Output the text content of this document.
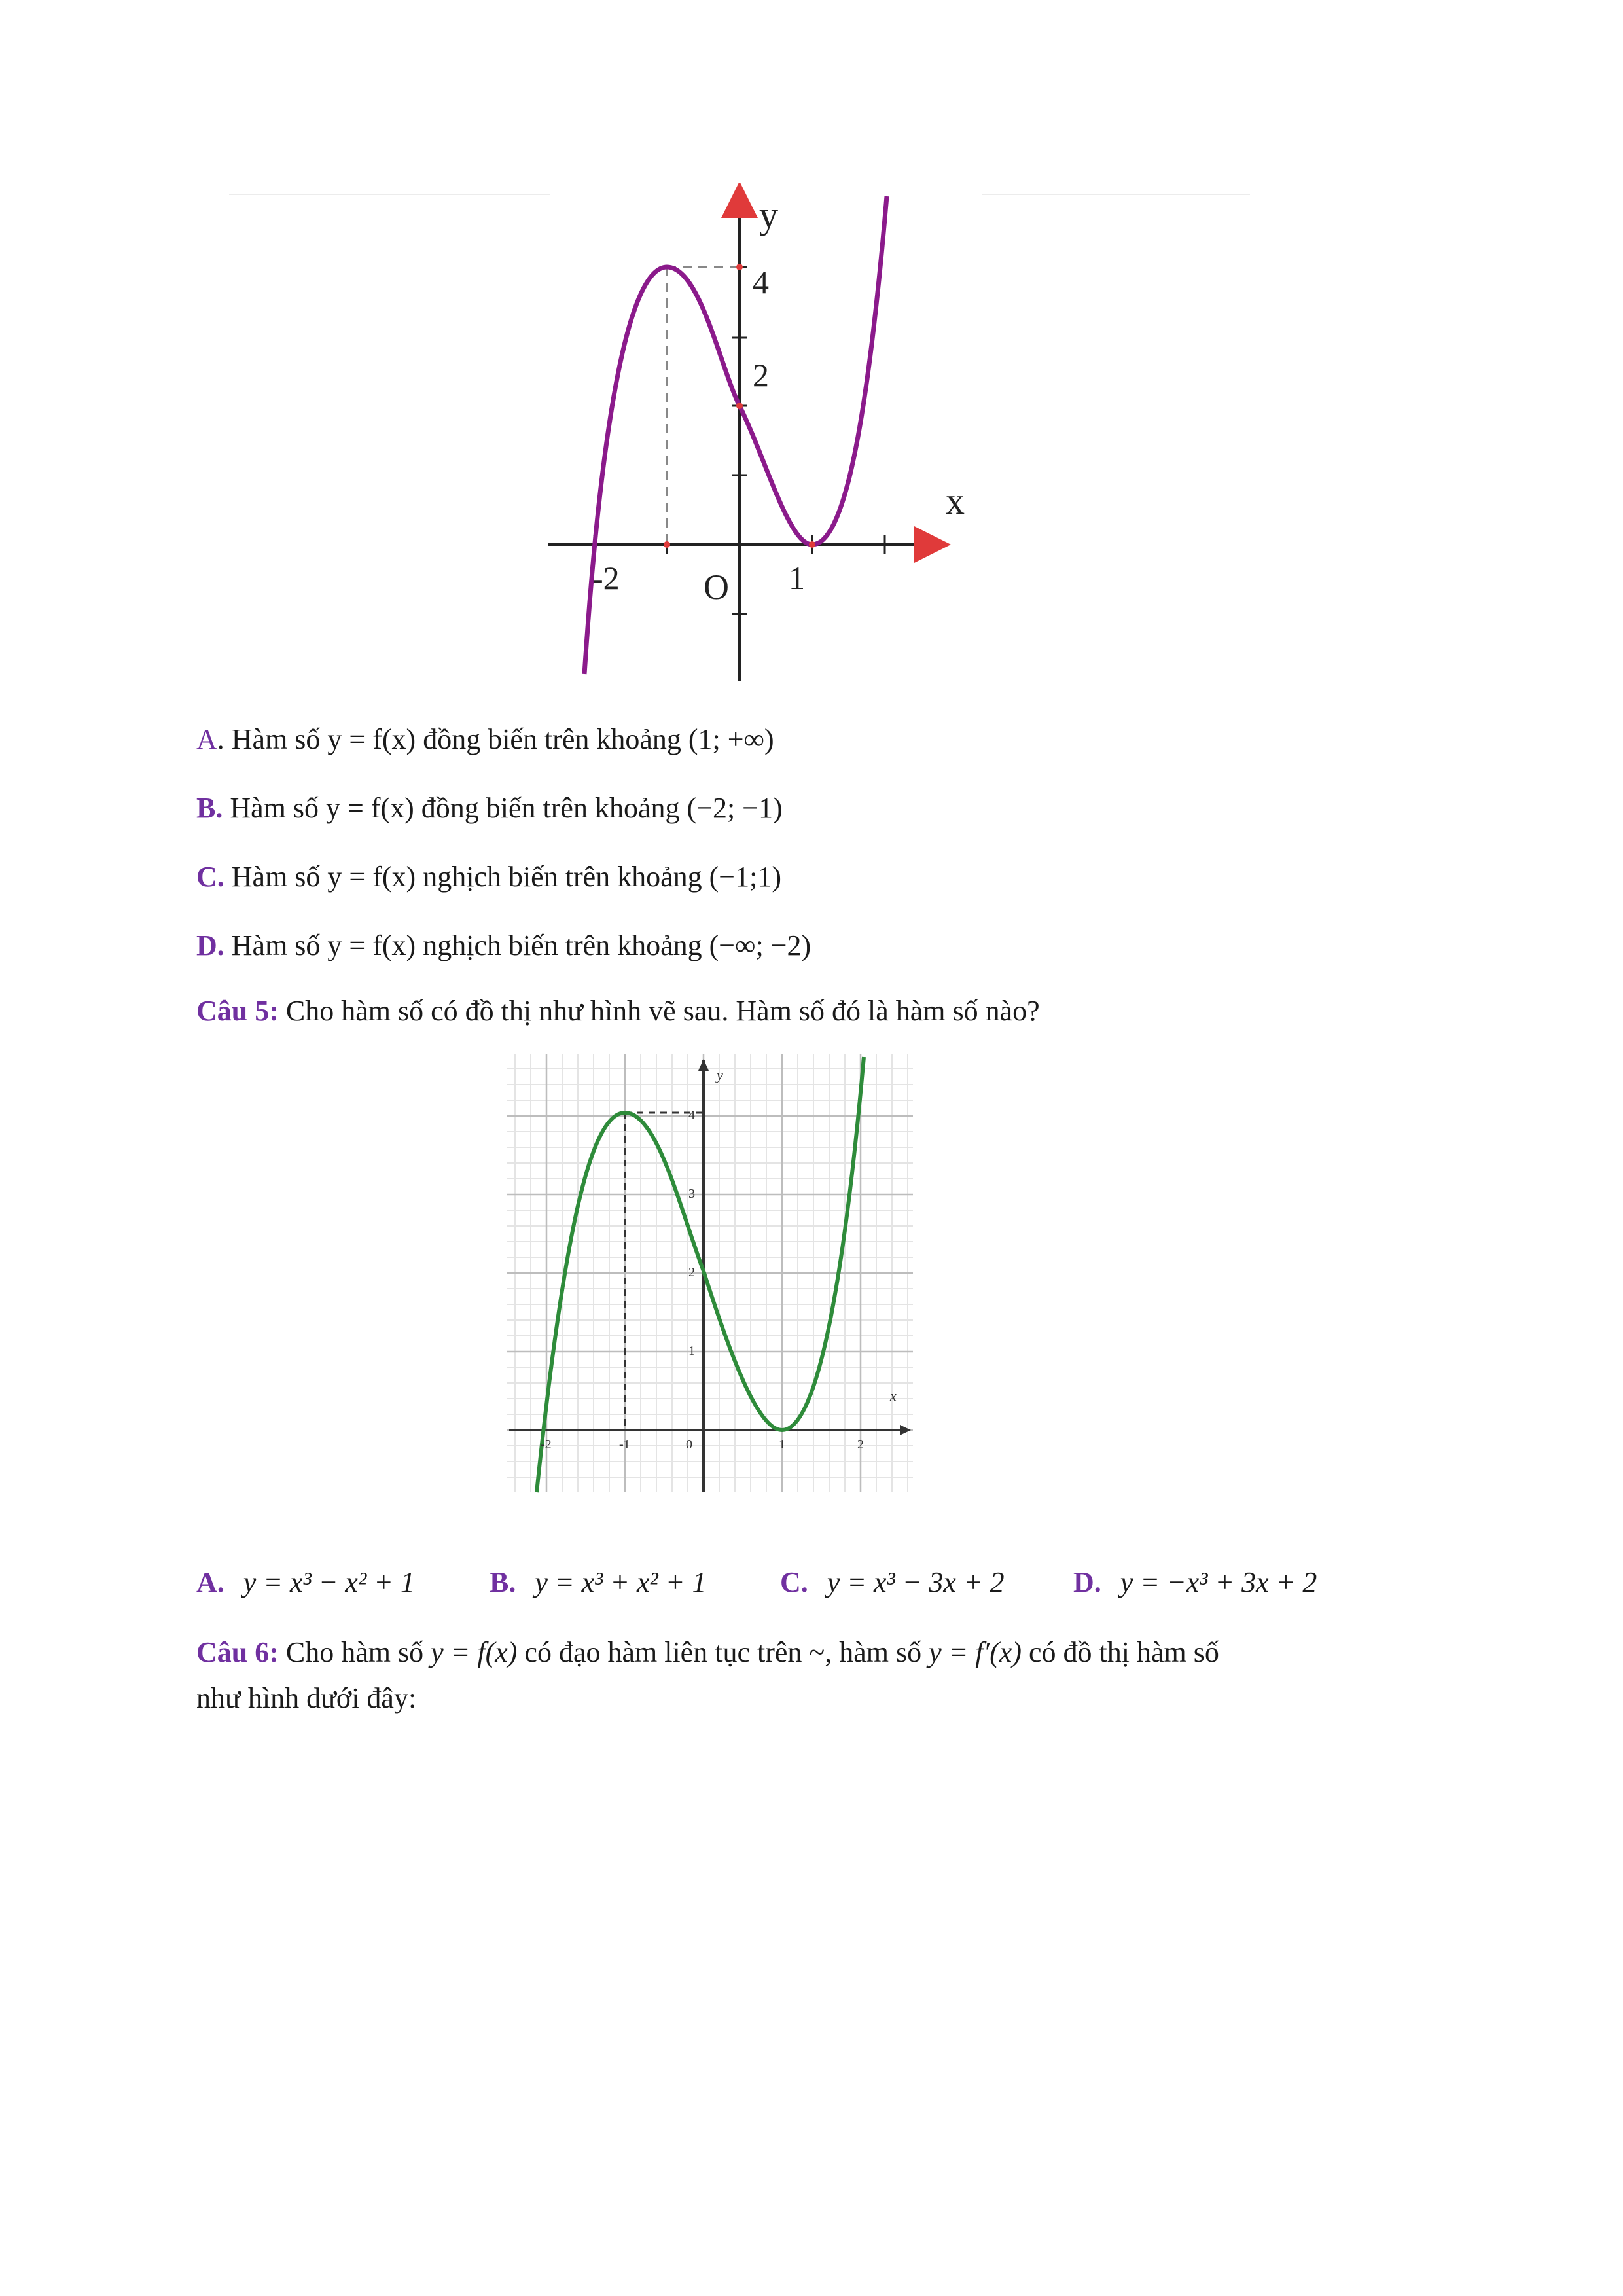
y
x
4
2
-2 O 1
A. Hàm số y = f(x) đồng biến trên khoảng (1; +∞)
B. Hàm số y = f(x) đồng biến trên khoảng (−2; −1)
C. Hàm số y = f(x) nghịch biến trên khoảng (−1;1)
D. Hàm số y = f(x) nghịch biến trên khoảng (−∞; −2)
Câu 5: Cho hàm số có đồ thị như hình vẽ sau. Hàm số đó là hàm số nào?
-2	-1	0	1	2
1
2
3
4
y
x
A. y = x³ − x² + 1	B. y = x³ + x² + 1	C. y = x³ − 3x + 2 D. y = −x³ + 3x + 2
Câu 6: Cho hàm số y = f(x) có đạo hàm liên tục trên ~, hàm số y = f′(x) có đồ thị hàm số
như hình dưới đây:
